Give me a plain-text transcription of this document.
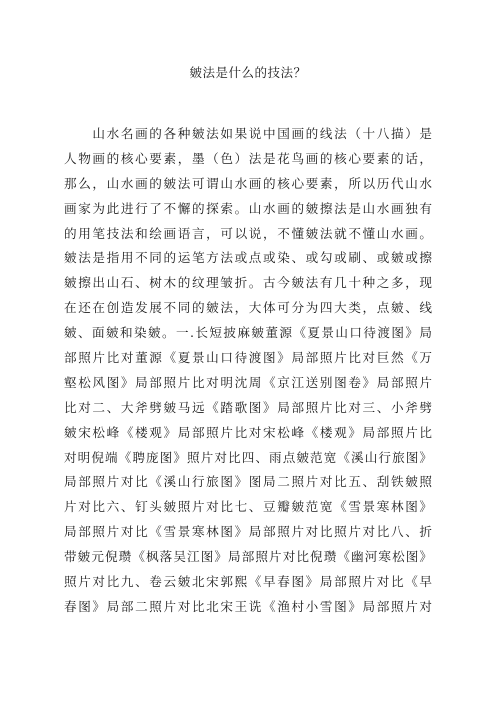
皴法是什么的技法？
　　山水名画的各种皴法如果说中国画的线法（十八描）是
人物画的核心要素，墨（色）法是花鸟画的核心要素的话，
那么，山水画的皴法可谓山水画的核心要素，所以历代山水
画家为此进行了不懈的探索。山水画的皴擦法是山水画独有
的用笔技法和绘画语言，可以说，不懂皴法就不懂山水画。
皴法是指用不同的运笔方法或点或染、或勾或刷、或皴或擦
皴擦出山石、树木的纹理皱折。古今皴法有几十种之多，现
在还在创造发展不同的皴法，大体可分为四大类，点皴、线
皴、面皴和染皴。一.长短披麻皴董源《夏景山口待渡图》局
部照片比对董源《夏景山口待渡图》局部照片比对巨然《万
壑松风图》局部照片比对明沈周《京江送别图卷》局部照片
比对二、大斧劈皴马远《踏歌图》局部照片比对三、小斧劈
皴宋松峰《楼观》局部照片比对宋松峰《楼观》局部照片比
对明倪端《聘庞图》照片对比四、雨点皴范宽《溪山行旅图》
局部照片对比《溪山行旅图》图局二照片对比五、刮铁皴照
片对比六、钉头皴照片对比七、豆瓣皴范宽《雪景寒林图》
局部照片对比《雪景寒林图》局部照片对比照片对比八、折
带皴元倪瓒《枫落吴江图》局部照片对比倪瓒《幽河寒松图》
照片对比九、卷云皴北宋郭熙《早春图》局部照片对比《早
春图》局部二照片对比北宋王诜《渔村小雪图》局部照片对
